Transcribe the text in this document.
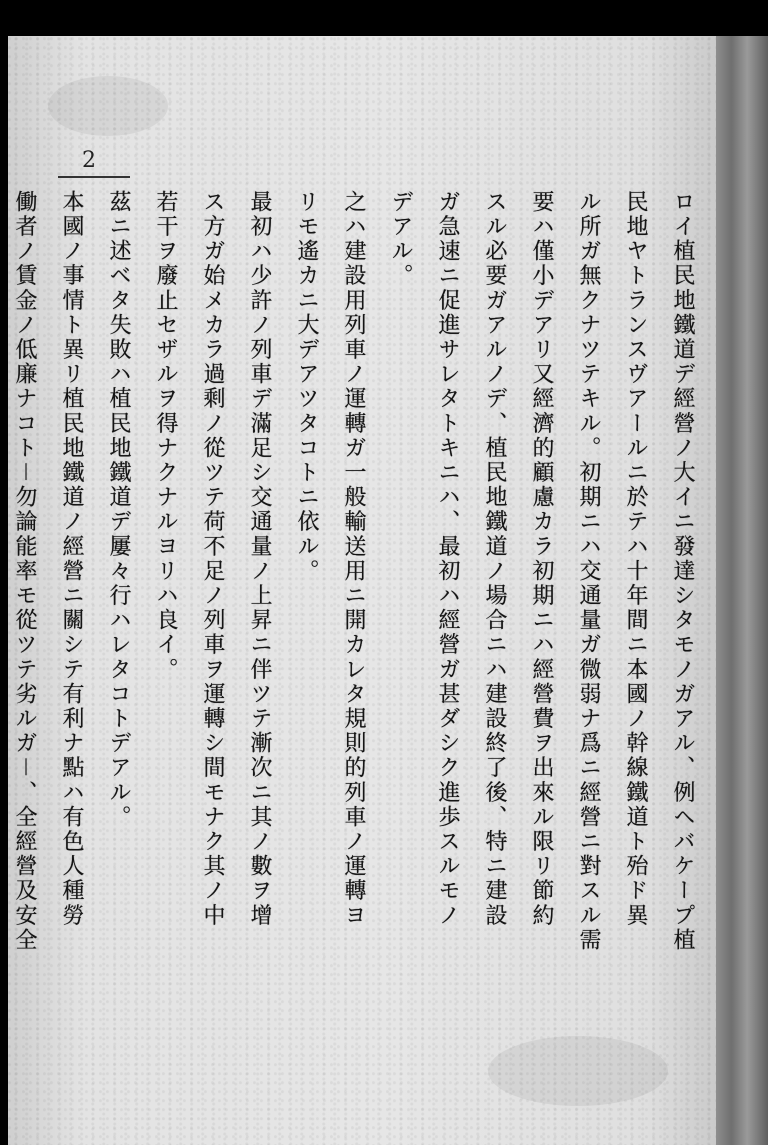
2
ロイ植民地鐵道デ經營ノ大イニ發達シタモノガアル、例ヘバケープ植
民地ヤトランスヴアールニ於テハ十年間ニ本國ノ幹線鐵道ト殆ド異
ル所ガ無クナツテキル。初期ニハ交通量ガ微弱ナ爲ニ經營ニ對スル需
要ハ僅小デアリ又經濟的顧慮カラ初期ニハ經營費ヲ出來ル限リ節約
スル必要ガアルノデ、植民地鐵道ノ場合ニハ建設終了後、特ニ建設
ガ急速ニ促進サレタトキニハ、最初ハ經營ガ甚ダシク進歩スルモノ
デアル。
之ハ建設用列車ノ運轉ガ一般輸送用ニ開カレタ規則的列車ノ運轉ヨ
リモ遙カニ大デアツタコトニ依ル。
最初ハ少許ノ列車デ滿足シ交通量ノ上昇ニ伴ツテ漸次ニ其ノ數ヲ增
ス方ガ始メカラ過剩ノ從ツテ荷不足ノ列車ヲ運轉シ間モナク其ノ中
若干ヲ廢止セザルヲ得ナクナルヨリハ良イ。
茲ニ述ベタ失敗ハ植民地鐵道デ屢々行ハレタコトデアル。
本國ノ事情ト異リ植民地鐵道ノ經營ニ關シテ有利ナ點ハ有色人種勞
働者ノ賃金ノ低廉ナコト－勿論能率モ從ツテ劣ルガ－、全經營及安全
